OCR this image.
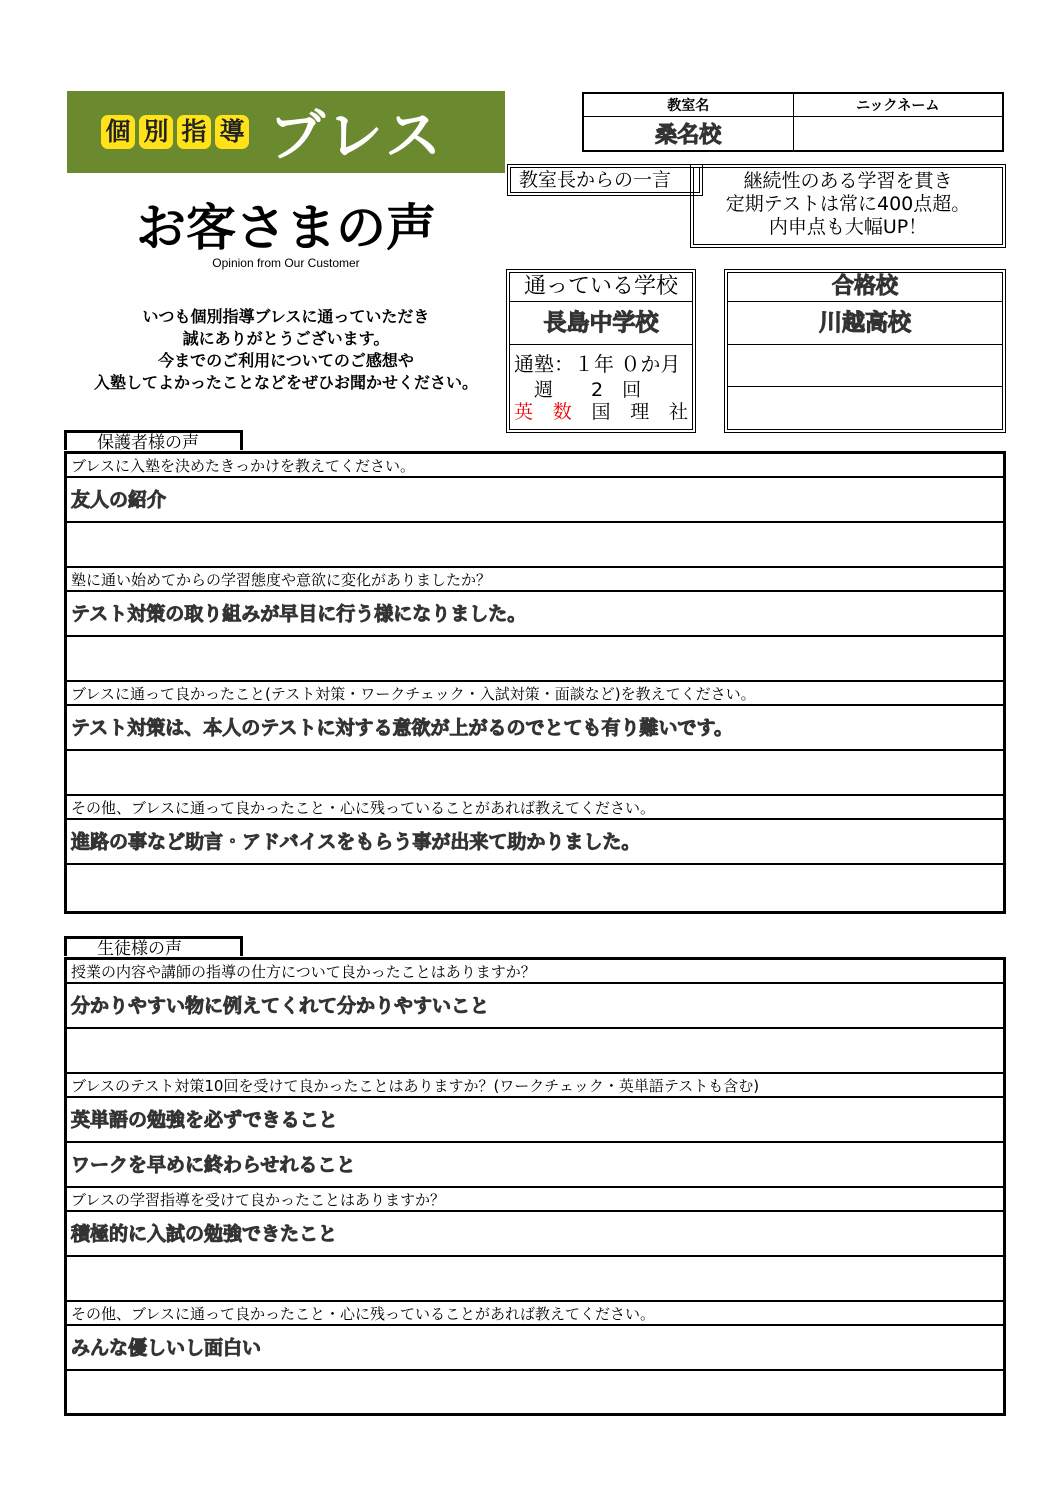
個 別 指 導 ブレス
お客さまの声
Opinion from Our Customer
いつも個別指導ブレスに通っていただき
誠にありがとうございます。
今までのご利用についてのご感想や
入塾してよかったことなどをぜひお聞かせください。
教室名	ニックネーム
桑名校	
教室長からの一言	継続性のある学習を貫き
定期テストは常に400点超。
内申点も大幅UP！
通っている学校
長島中学校
通塾：１年 ０か月
週　　2　回
英 数 国 理 社
合格校
川越高校
保護者様の声
ブレスに入塾を決めたきっかけを教えてください。
友人の紹介
塾に通い始めてからの学習態度や意欲に変化がありましたか？
テスト対策の取り組みが早目に行う様になりました。
ブレスに通って良かったこと(テスト対策・ワークチェック・入試対策・面談など)を教えてください。
テスト対策は、本人のテストに対する意欲が上がるのでとても有り難いです。
その他、ブレスに通って良かったこと・心に残っていることがあれば教えてください。
進路の事など助言・アドバイスをもらう事が出来て助かりました。
生徒様の声
授業の内容や講師の指導の仕方について良かったことはありますか？
分かりやすい物に例えてくれて分かりやすいこと
ブレスのテスト対策10回を受けて良かったことはありますか？(ワークチェック・英単語テストも含む)
英単語の勉強を必ずできること
ワークを早めに終わらせれること
ブレスの学習指導を受けて良かったことはありますか？
積極的に入試の勉強できたこと
その他、ブレスに通って良かったこと・心に残っていることがあれば教えてください。
みんな優しいし面白い
